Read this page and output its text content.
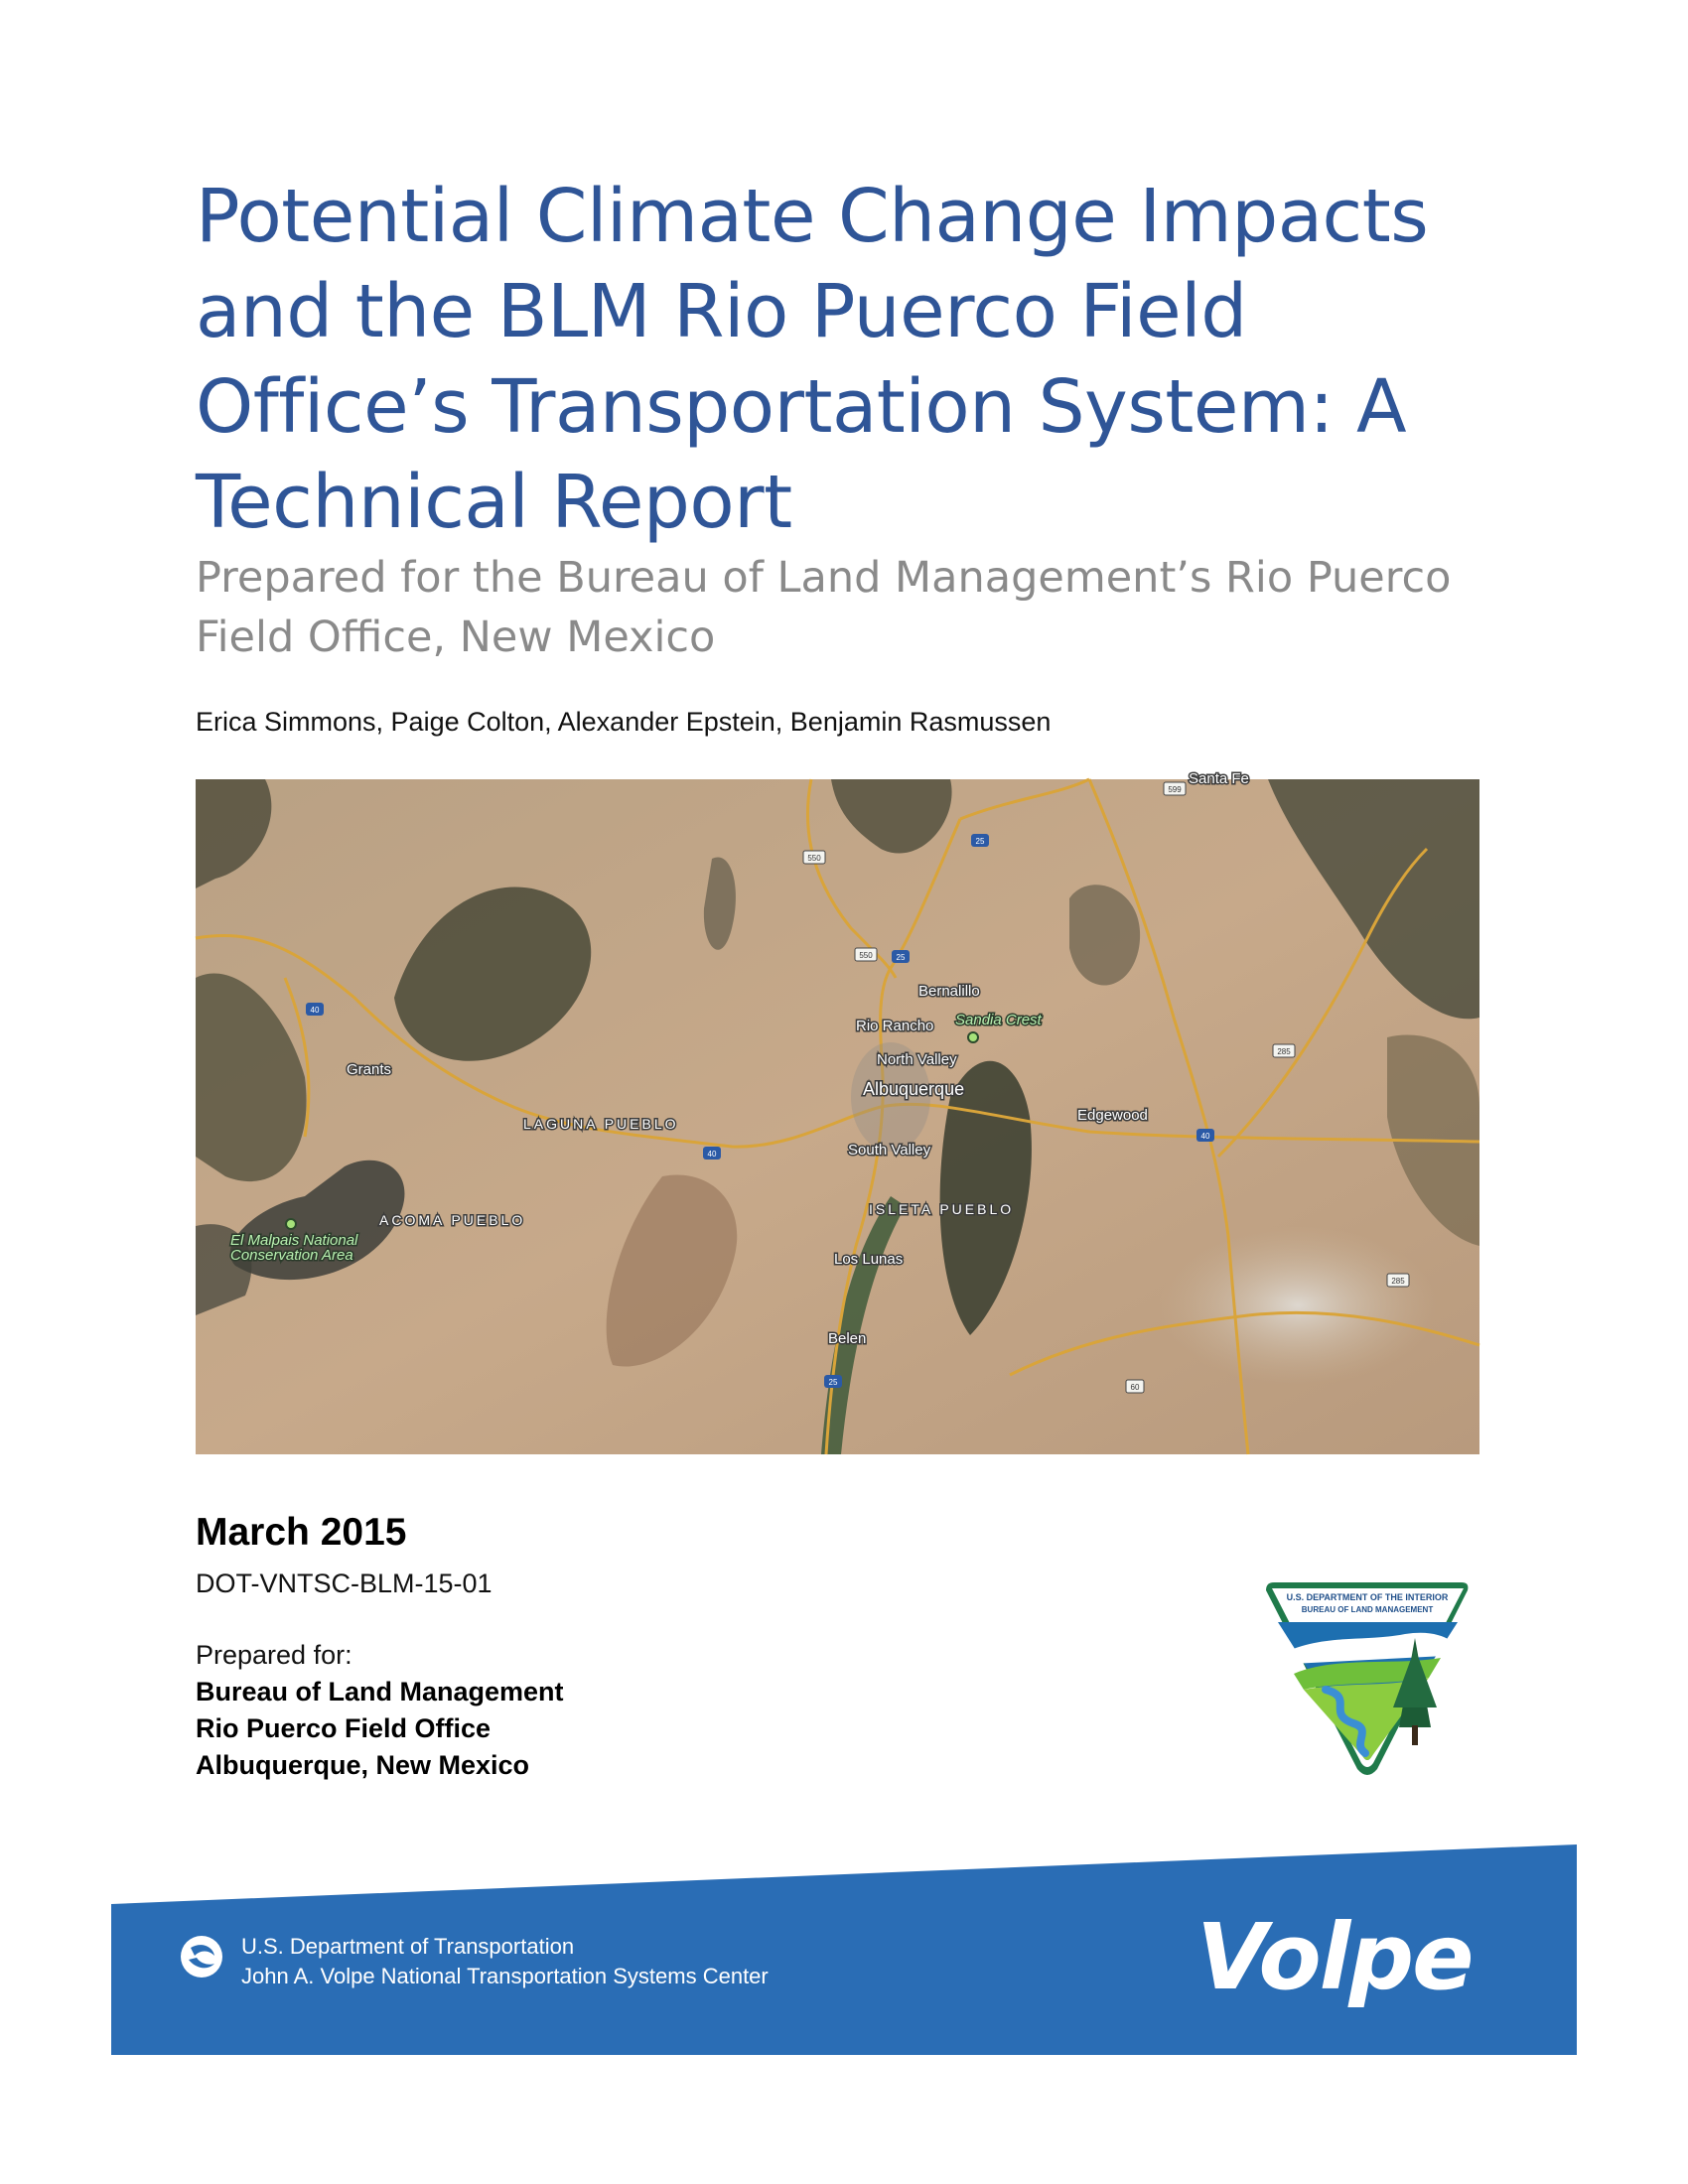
Potential Climate Change Impacts
and the BLM Rio Puerco Field
Office’s Transportation System: A
Technical Report
Prepared for the Bureau of Land Management’s Rio Puerco
Field Office, New Mexico

Erica Simmons, Paige Colton, Alexander Epstein, Benjamin Rasmussen

40
40
40
25
25
25
550
550
285
285
60
599
Santa Fe
Bernalillo
Rio Rancho Sandia Crest
North Valley
Albuquerque
South Valley
Edgewood
Grants
LAGUNA PUEBLO
ACOMA PUEBLO
El Malpais National
Conservation Area
ISLETA PUEBLO
Los Lunas
Belen

March 2015

DOT-VNTSC-BLM-15-01

Prepared for:

Bureau of Land Management

Rio Puerco Field Office

Albuquerque, New Mexico

U.S. DEPARTMENT OF THE INTERIOR
BUREAU OF LAND MANAGEMENT

U.S. Department of Transportation

John A. Volpe National Transportation Systems Center	Volpe
